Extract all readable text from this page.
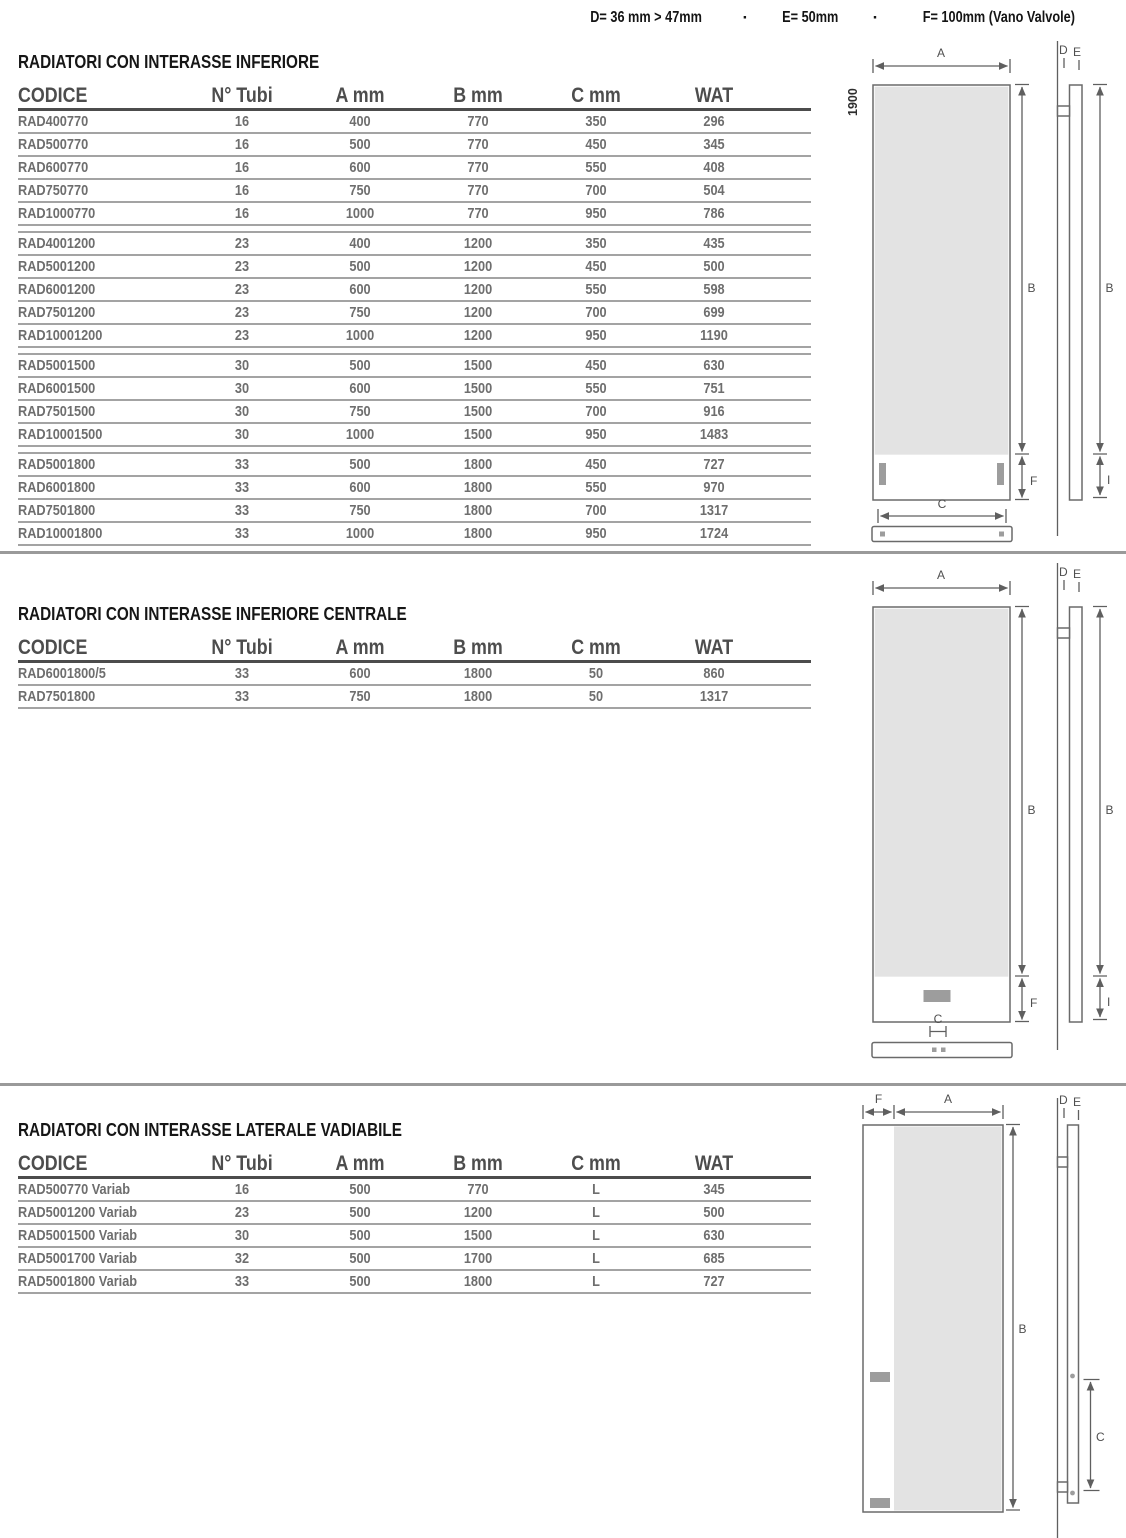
D= 36 mm > 47mm · E= 50mm ·	F= 100mm (Vano Valvole)
RADIATORI CON INTERASSE INFERIORE
CODICE	N° Tubi	A mm	B mm	C mm	WAT
RAD400770	16	400	770	350	296
RAD500770	16	500	770	450	345
RAD600770	16	600	770	550	408
RAD750770	16	750	770	700	504
RAD1000770	16	1000	770	950	786
RAD4001200	23	400	1200	350	435
RAD5001200	23	500	1200	450	500
RAD6001200	23	600	1200	550	598
RAD7501200	23	750	1200	700	699
RAD10001200	23	1000	1200	950	1190
RAD5001500	30	500	1500	450	630
RAD6001500	30	600	1500	550	751
RAD7501500	30	750	1500	700	916
RAD10001500	30	1000	1500	950	1483
RAD5001800	33	500	1800	450	727
RAD6001800	33	600	1800	550	970
RAD7501800	33	750	1800	700	1317
RAD10001800	33	1000	1800	950	1724
RADIATORI CON INTERASSE INFERIORE CENTRALE
CODICE	N° Tubi	A mm	B mm	C mm	WAT
RAD6001800/5	33	600	1800	50	860
RAD7501800	33	750	1800	50	1317
RADIATORI CON INTERASSE LATERALE VADIABILE
CODICE	N° Tubi	A mm	B mm	C mm	WAT
RAD500770 Variab	16	500	770	L	345
RAD5001200 Variab	23	500	1200	L	500
RAD5001500 Variab	30	500	1500	L	630
RAD5001700 Variab	32	500	1700	L	685
RAD5001800 Variab	33	500	1800	L	727
1900
A
B
F
C
D E
B
I
A
B
F
C
D E
B
I
F	A
B
D E
C
